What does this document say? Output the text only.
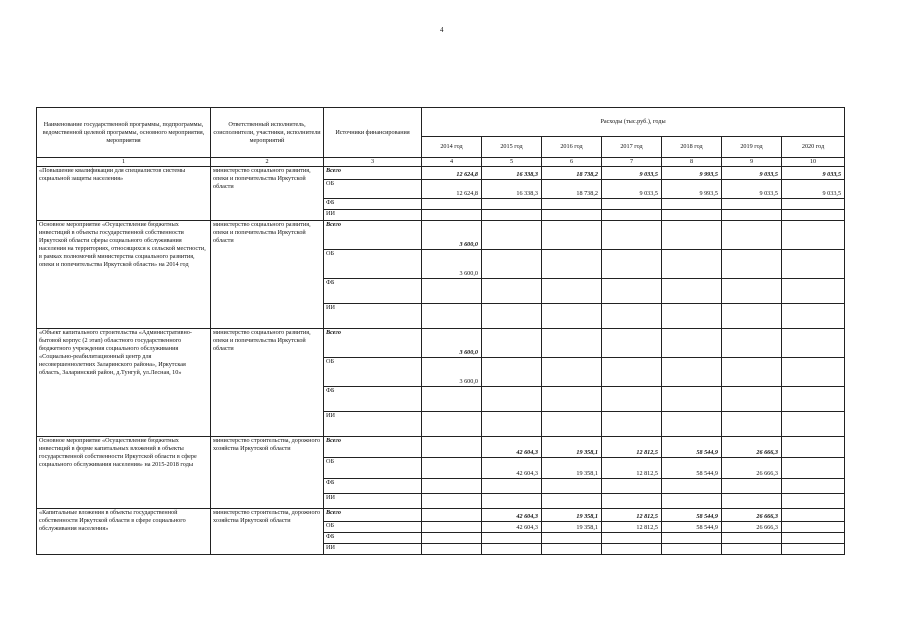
4
Наименование государственной программы, подпрограммы, ведомственной целевой программы, основного мероприятия, мероприятия	Ответственный исполнитель, соисполнители, участники, исполнители мероприятий	Источники финансирования	Расходы (тыс.руб.), годы						
			2014 год	2015 год	2016 год	2017 год	2018 год	2019 год	2020 год
1	2	3	4	5	6	7	8	9	10
«Повышение квалификации для специалистов системы социальной защиты населения»	министерство социального развития, опеки и попечительства Иркутской области	Всего	12 624,8	16 338,3	18 738,2	9 033,5	9 993,5	9 033,5	9 033,5
		ОБ	12 624,8	16 338,3	18 738,2	9 033,5	9 993,5	9 033,5	9 033,5
		ФБ							
		ИИ							
Основное мероприятие «Осуществление бюджетных инвестиций в объекты государственной собственности Иркутской области сферы социального обслуживания населения на территориях, относящихся к сельской местности, в рамках полномочий министерства социального развития, опеки и попечительства Иркутской области» на 2014 год	министерство социального развития, опеки и попечительства Иркутской области	Всего	3 600,0						
		ОБ	3 600,0						
		ФБ							
		ИИ							
«Объект капитального строительства «Административно-бытовой корпус (2 этап) областного государственного бюджетного учреждения социального обслуживания «Социально-реабилитационный центр для несовершеннолетних Заларинского района», Иркутская область, Заларинский район, д.Тунгуй, ул.Лесная, 10»	министерство социального развития, опеки и попечительства Иркутской области	Всего	3 600,0						
		ОБ	3 600,0						
		ФБ							
		ИИ							
Основное мероприятие «Осуществление бюджетных инвестиций в форме капитальных вложений в объекты государственной собственности Иркутской области в сфере социального обслуживания населения» на 2015-2018 годы	министерство строительства, дорожного хозяйства Иркутской области	Всего		42 604,3	19 358,1	12 812,5	58 544,9	26 666,3	
		ОБ		42 604,3	19 358,1	12 812,5	58 544,9	26 666,3	
		ФБ							
		ИИ							
«Капитальные вложения в объекты государственной собственности Иркутской области в сфере социального обслуживания населения»	министерство строительства, дорожного хозяйства Иркутской области	Всего		42 604,3	19 358,1	12 812,5	58 544,9	26 666,3	
		ОБ		42 604,3	19 358,1	12 812,5	58 544,9	26 666,3	
		ФБ							
		ИИ							
